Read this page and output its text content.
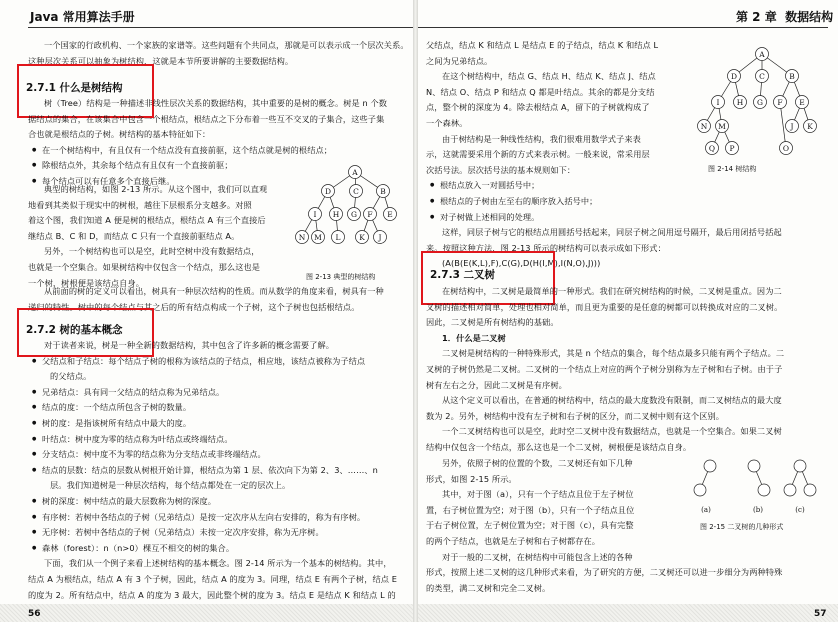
Java 常用算法手册

一个国家的行政机构、一个家族的家谱等。这些问题有个共同点，那就是可以表示成一个层次关系。

这种层次关系可以抽象为树结构，这就是本节所要讲解的主要数据结构。

2.7.1 什么是树结构

树（Tree）结构是一种描述非线性层次关系的数据结构，其中重要的是树的概念。树是 n 个数

据结点的集合，在该集合中包含一个根结点，根结点之下分布着一些互不交叉的子集合，这些子集

合也就是根结点的子树。树结构的基本特征如下：

● 在一个树结构中，有且仅有一个结点没有直接前驱，这个结点就是树的根结点；

● 除根结点外，其余每个结点有且仅有一个直接前驱；

● 每个结点可以有任意多个直接后继。

典型的树结构，如图 2-13 所示。从这个图中，我们可以直观

地看到其类似于现实中的树根，越往下层根系分支越多。对照

着这个图，我们知道 A 便是树的根结点，根结点 A 有三个直接后

继结点 B、C 和 D，而结点 C 只有一个直接前驱结点 A。

另外，一个树结构也可以是空，此时空树中没有数据结点，

也就是一个空集合。如果树结构中仅包含一个结点，那么这也是

一个树，树根便是该结点自身。

A
D	C	B
I H G F E
N M L K J
图 2-13 典型的树结构

从前面的树的定义可以看出，树具有一种层次结构的性质。而从数学的角度来看，树具有一种

递归的特性。树中的每个结点与其之后的所有结点构成一个子树，这个子树也包括根结点。

2.7.2 树的基本概念

对于读者来说，树是一种全新的数据结构，其中包含了许多新的概念需要了解。

● 父结点和子结点：每个结点子树的根称为该结点的子结点，相应地，该结点被称为子结点

的父结点。

● 兄弟结点：具有同一父结点的结点称为兄弟结点。

● 结点的度：一个结点所包含子树的数量。

● 树的度：是指该树所有结点中最大的度。

● 叶结点：树中度为零的结点称为叶结点或终端结点。

● 分支结点：树中度不为零的结点称为分支结点或非终端结点。

● 结点的层数：结点的层数从树根开始计算，根结点为第 1 层、依次向下为第 2、3、……、n

层。我们知道树是一种层次结构，每个结点都处在一定的层次上。

● 树的深度：树中结点的最大层数称为树的深度。

● 有序树：若树中各结点的子树（兄弟结点）是按一定次序从左向右安排的，称为有序树。

● 无序树：若树中各结点的子树（兄弟结点）未按一定次序安排，称为无序树。

● 森林（forest）：n（n>0）棵互不相交的树的集合。

下面，我们从一个例子来看上述树结构的基本概念。图 2-14 所示为一个基本的树结构。其中，

结点 A 为根结点，结点 A 有 3 个子树，因此，结点 A 的度为 3。同理，结点 E 有两个子树，结点 E

的度为 2。所有结点中，结点 A 的度为 3 最大，因此整个树的度为 3。结点 E 是结点 K 和结点 L 的

56
第 2 章 数据结构

父结点，结点 K 和结点 L 是结点 E 的子结点，结点 K 和结点 L

之间为兄弟结点。

在这个树结构中，结点 G、结点 H、结点 K、结点 J、结点

N、结点 O、结点 P 和结点 Q 都是叶结点。其余的都是分支结

点，整个树的深度为 4。除去根结点 A，留下的子树就构成了

一个森林。

由于树结构是一种线性结构，我们很难用数学式子来表

示，这就需要采用个新的方式来表示树。一般来说，常采用层

次括号法。层次括号法的基本规则如下：

● 根结点放入一对圆括号中；

● 根结点的子树由左至右的顺序放入括号中；

● 对子树做上述相同的处理。

A
D	C	B
I H G F E
N M	J K
Q P	O
图 2-14 树结构

这样，同层子树与它的根结点用圆括号括起来，同层子树之间用逗号隔开，最后用闭括号括起

来。按照这种方法，图 2-13 所示的树结构可以表示成如下形式：

(A(B(E(K,L),F),C(G),D(H(I,M),I(N,O),J)))

2.7.3 二叉树

在树结构中，二叉树是最简单的一种形式。我们在研究树结构的时候，二叉树是重点。因为二

叉树的描述相对简单，处理也相对简单，而且更为重要的是任意的树都可以转换成对应的二叉树。

因此，二叉树是所有树结构的基础。

1．什么是二叉树

二叉树是树结构的一种特殊形式，其是 n 个结点的集合，每个结点最多只能有两个子结点。二

叉树的子树仍然是二叉树。二叉树的一个结点上对应的两个子树分别称为左子树和右子树。由于子

树有左右之分，因此二叉树是有序树。

从这个定义可以看出，在普通的树结构中，结点的最大度数没有限制，而二叉树结点的最大度

数为 2。另外，树结构中没有左子树和右子树的区分，而二叉树中则有这个区别。

一个二叉树结构也可以是空，此时空二叉树中没有数据结点，也就是一个空集合。如果二叉树

结构中仅包含一个结点，那么这也是一个二叉树，树根便是该结点自身。

另外，依照子树的位置的个数，二叉树还有如下几种

形式，如图 2-15 所示。

其中，对于图（a），只有一个子结点且位于左子树位

置，右子树位置为空；对于图（b），只有一个子结点且位

于右子树位置，左子树位置为空；对于图（c），具有完整

的两个子结点，也就是左子树和右子树都存在。

对于一般的二叉树，在树结构中可能包含上述的各种

(a)	(b)	(c)
图 2-15 二叉树的几种形式

形式，按照上述二叉树的这几种形式来看，为了研究的方便，二叉树还可以进一步细分为两种特殊

的类型，满二叉树和完全二叉树。

57
